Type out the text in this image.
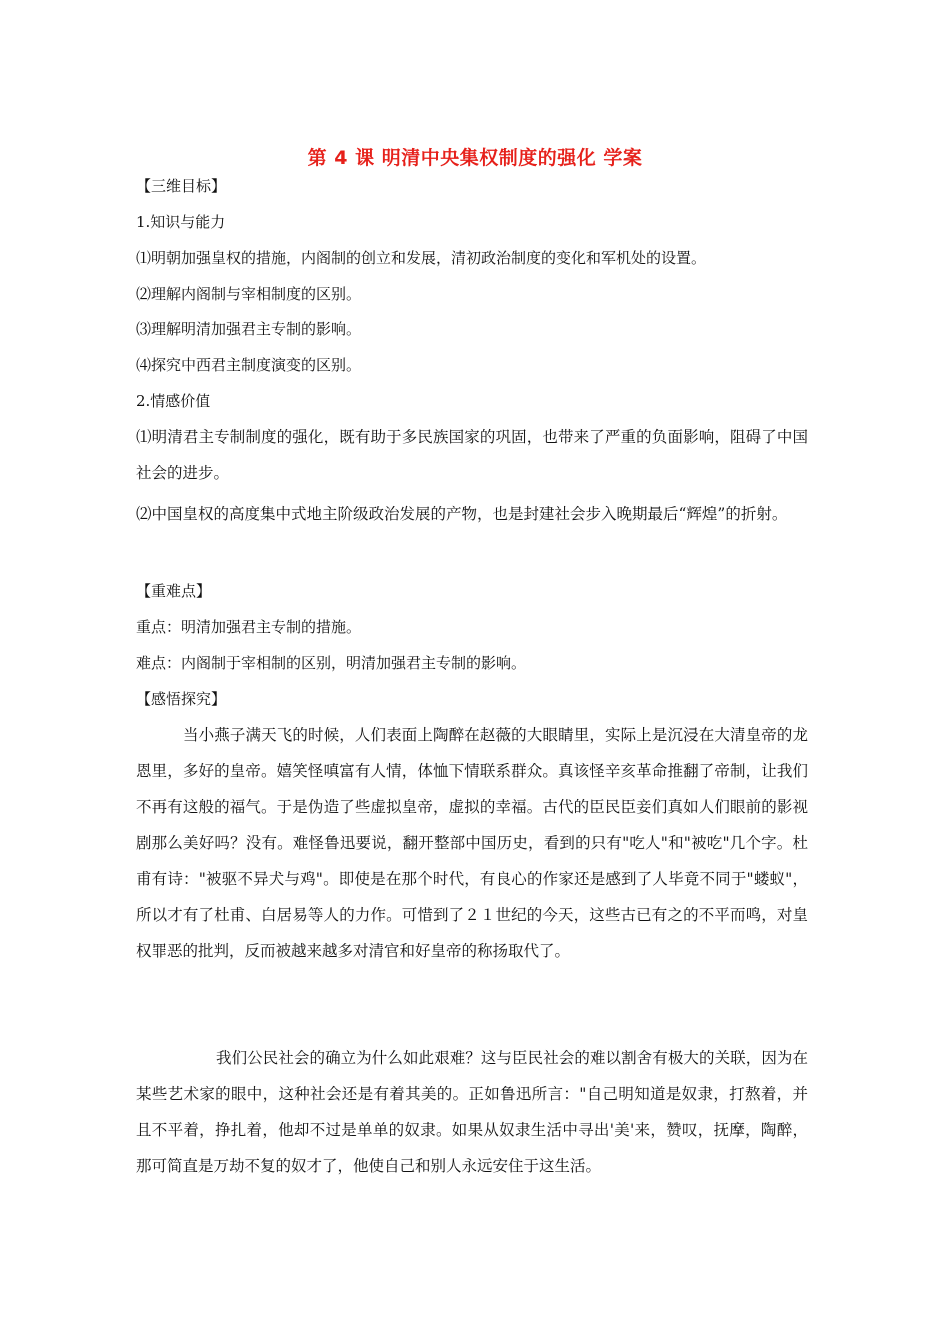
第 4 课 明清中央集权制度的强化 学案
【三维目标】
1.知识与能力
⑴明朝加强皇权的措施，内阁制的创立和发展，清初政治制度的变化和军机处的设置。
⑵理解内阁制与宰相制度的区别。
⑶理解明清加强君主专制的影响。
⑷探究中西君主制度演变的区别。
2.情感价值
⑴明清君主专制制度的强化，既有助于多民族国家的巩固，也带来了严重的负面影响，阻碍了中国社会的进步。
⑵中国皇权的高度集中式地主阶级政治发展的产物，也是封建社会步入晚期最后“辉煌”的折射。
【重难点】
重点：明清加强君主专制的措施。
难点：内阁制于宰相制的区别，明清加强君主专制的影响。
【感悟探究】
当小燕子满天飞的时候，人们表面上陶醉在赵薇的大眼睛里，实际上是沉浸在大清皇帝的龙恩里，多好的皇帝。嬉笑怪嗔富有人情，体恤下情联系群众。真该怪辛亥革命推翻了帝制，让我们不再有这般的福气。于是伪造了些虚拟皇帝，虚拟的幸福。古代的臣民臣妾们真如人们眼前的影视剧那么美好吗？没有。难怪鲁迅要说，翻开整部中国历史，看到的只有"吃人"和"被吃"几个字。杜甫有诗："被驱不异犬与鸡"。即使是在那个时代，有良心的作家还是感到了人毕竟不同于"蝼蚁"，所以才有了杜甫、白居易等人的力作。可惜到了２１世纪的今天，这些古已有之的不平而鸣，对皇权罪恶的批判，反而被越来越多对清官和好皇帝的称扬取代了。
我们公民社会的确立为什么如此艰难？这与臣民社会的难以割舍有极大的关联，因为在某些艺术家的眼中，这种社会还是有着其美的。正如鲁迅所言："自己明知道是奴隶，打熬着，并且不平着，挣扎着，他却不过是单单的奴隶。如果从奴隶生活中寻出'美'来，赞叹，抚摩，陶醉，那可简直是万劫不复的奴才了，他使自己和别人永远安住于这生活。
